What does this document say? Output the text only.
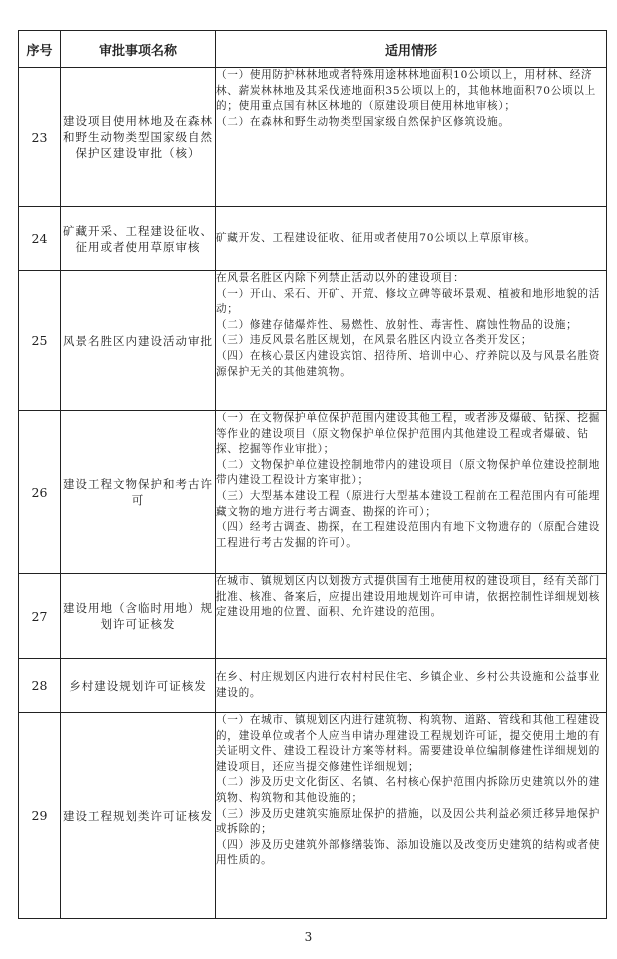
序号	审批事项名称	适用情形
23	建设项目使用林地及在森林和野生动物类型国家级自然保护区建设审批（核）	（一）使用防护林林地或者特殊用途林林地面积10公顷以上，用材林、经济林、薪炭林林地及其采伐迹地面积35公顷以上的，其他林地面积70公顷以上的；使用重点国有林区林地的（原建设项目使用林地审核）；

（二）在森林和野生动物类型国家级自然保护区修筑设施。

24	矿藏开采、工程建设征收、征用或者使用草原审核	矿藏开发、工程建设征收、征用或者使用70公顷以上草原审核。

25	风景名胜区内建设活动审批	在风景名胜区内除下列禁止活动以外的建设项目：

（一）开山、采石、开矿、开荒、修坟立碑等破坏景观、植被和地形地貌的活动；

（二）修建存储爆炸性、易燃性、放射性、毒害性、腐蚀性物品的设施；

（三）违反风景名胜区规划，在风景名胜区内设立各类开发区；

（四）在核心景区内建设宾馆、招待所、培训中心、疗养院以及与风景名胜资源保护无关的其他建筑物。

26	建设工程文物保护和考古许可	（一）在文物保护单位保护范围内建设其他工程，或者涉及爆破、钻探、挖掘等作业的建设项目（原文物保护单位保护范围内其他建设工程或者爆破、钻探、挖掘等作业审批）；

（二）文物保护单位建设控制地带内的建设项目（原文物保护单位建设控制地带内建设工程设计方案审批）；

（三）大型基本建设工程（原进行大型基本建设工程前在工程范围内有可能埋藏文物的地方进行考古调查、勘探的许可）；

（四）经考古调查、勘探，在工程建设范围内有地下文物遗存的（原配合建设工程进行考古发掘的许可）。

27	建设用地（含临时用地）规划许可证核发	在城市、镇规划区内以划拨方式提供国有土地使用权的建设项目，经有关部门批准、核准、备案后，应提出建设用地规划许可申请，依据控制性详细规划核定建设用地的位置、面积、允许建设的范围。

28	乡村建设规划许可证核发	在乡、村庄规划区内进行农村村民住宅、乡镇企业、乡村公共设施和公益事业建设的。

29	建设工程规划类许可证核发	（一）在城市、镇规划区内进行建筑物、构筑物、道路、管线和其他工程建设的，建设单位或者个人应当申请办理建设工程规划许可证，提交使用土地的有关证明文件、建设工程设计方案等材料。需要建设单位编制修建性详细规划的建设项目，还应当提交修建性详细规划；

（二）涉及历史文化街区、名镇、名村核心保护范围内拆除历史建筑以外的建筑物、构筑物和其他设施的；

（三）涉及历史建筑实施原址保护的措施，以及因公共利益必须迁移异地保护或拆除的；

（四）涉及历史建筑外部修缮装饰、添加设施以及改变历史建筑的结构或者使用性质的。

3
